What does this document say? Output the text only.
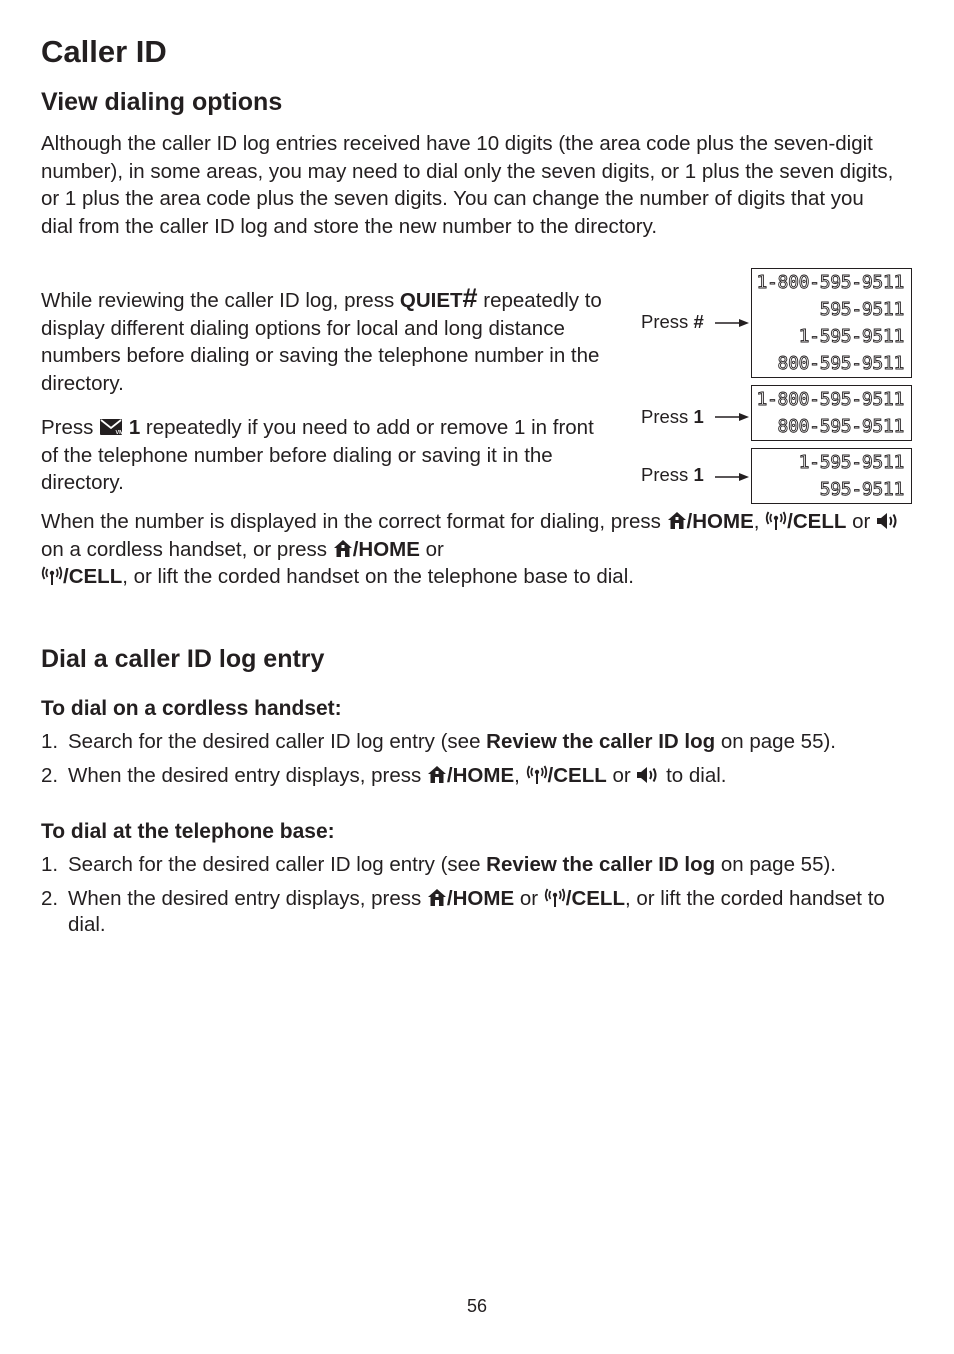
Caller ID
View dialing options

Although the caller ID log entries received have 10 digits (the area code plus the seven-digit number), in some areas, you may need to dial only the seven digits, or 1 plus the seven digits, or 1 plus the area code plus the seven digits. You can change the number of digits that you dial from the caller ID log and store the new number to the directory.

While reviewing the caller ID log, press QUIET# repeatedly to display different dialing options for local and long distance numbers before dialing or saving the telephone number in the directory.

Press  1 repeatedly if you need to add or remove 1 in front of the telephone number before dialing or saving it in the directory.

When the number is displayed in the correct format for dialing, press /HOME, /CELL or  on a cordless handset, or press /HOME or
/CELL, or lift the corded handset on the telephone base to dial.

Press #
1-800-595-9511
595-9511
1-595-9511
800-595-9511
Press 1
1-800-595-9511
800-595-9511
Press 1
1-595-9511
595-9511
Dial a caller ID log entry
To dial on a cordless handset:
1. Search for the desired caller ID log entry (see Review the caller ID log on page 55).
2. When the desired entry displays, press /HOME, /CELL or  to dial.
To dial at the telephone base:
1. Search for the desired caller ID log entry (see Review the caller ID log on page 55).
2. When the desired entry displays, press /HOME or /CELL, or lift the corded handset to dial.
56
